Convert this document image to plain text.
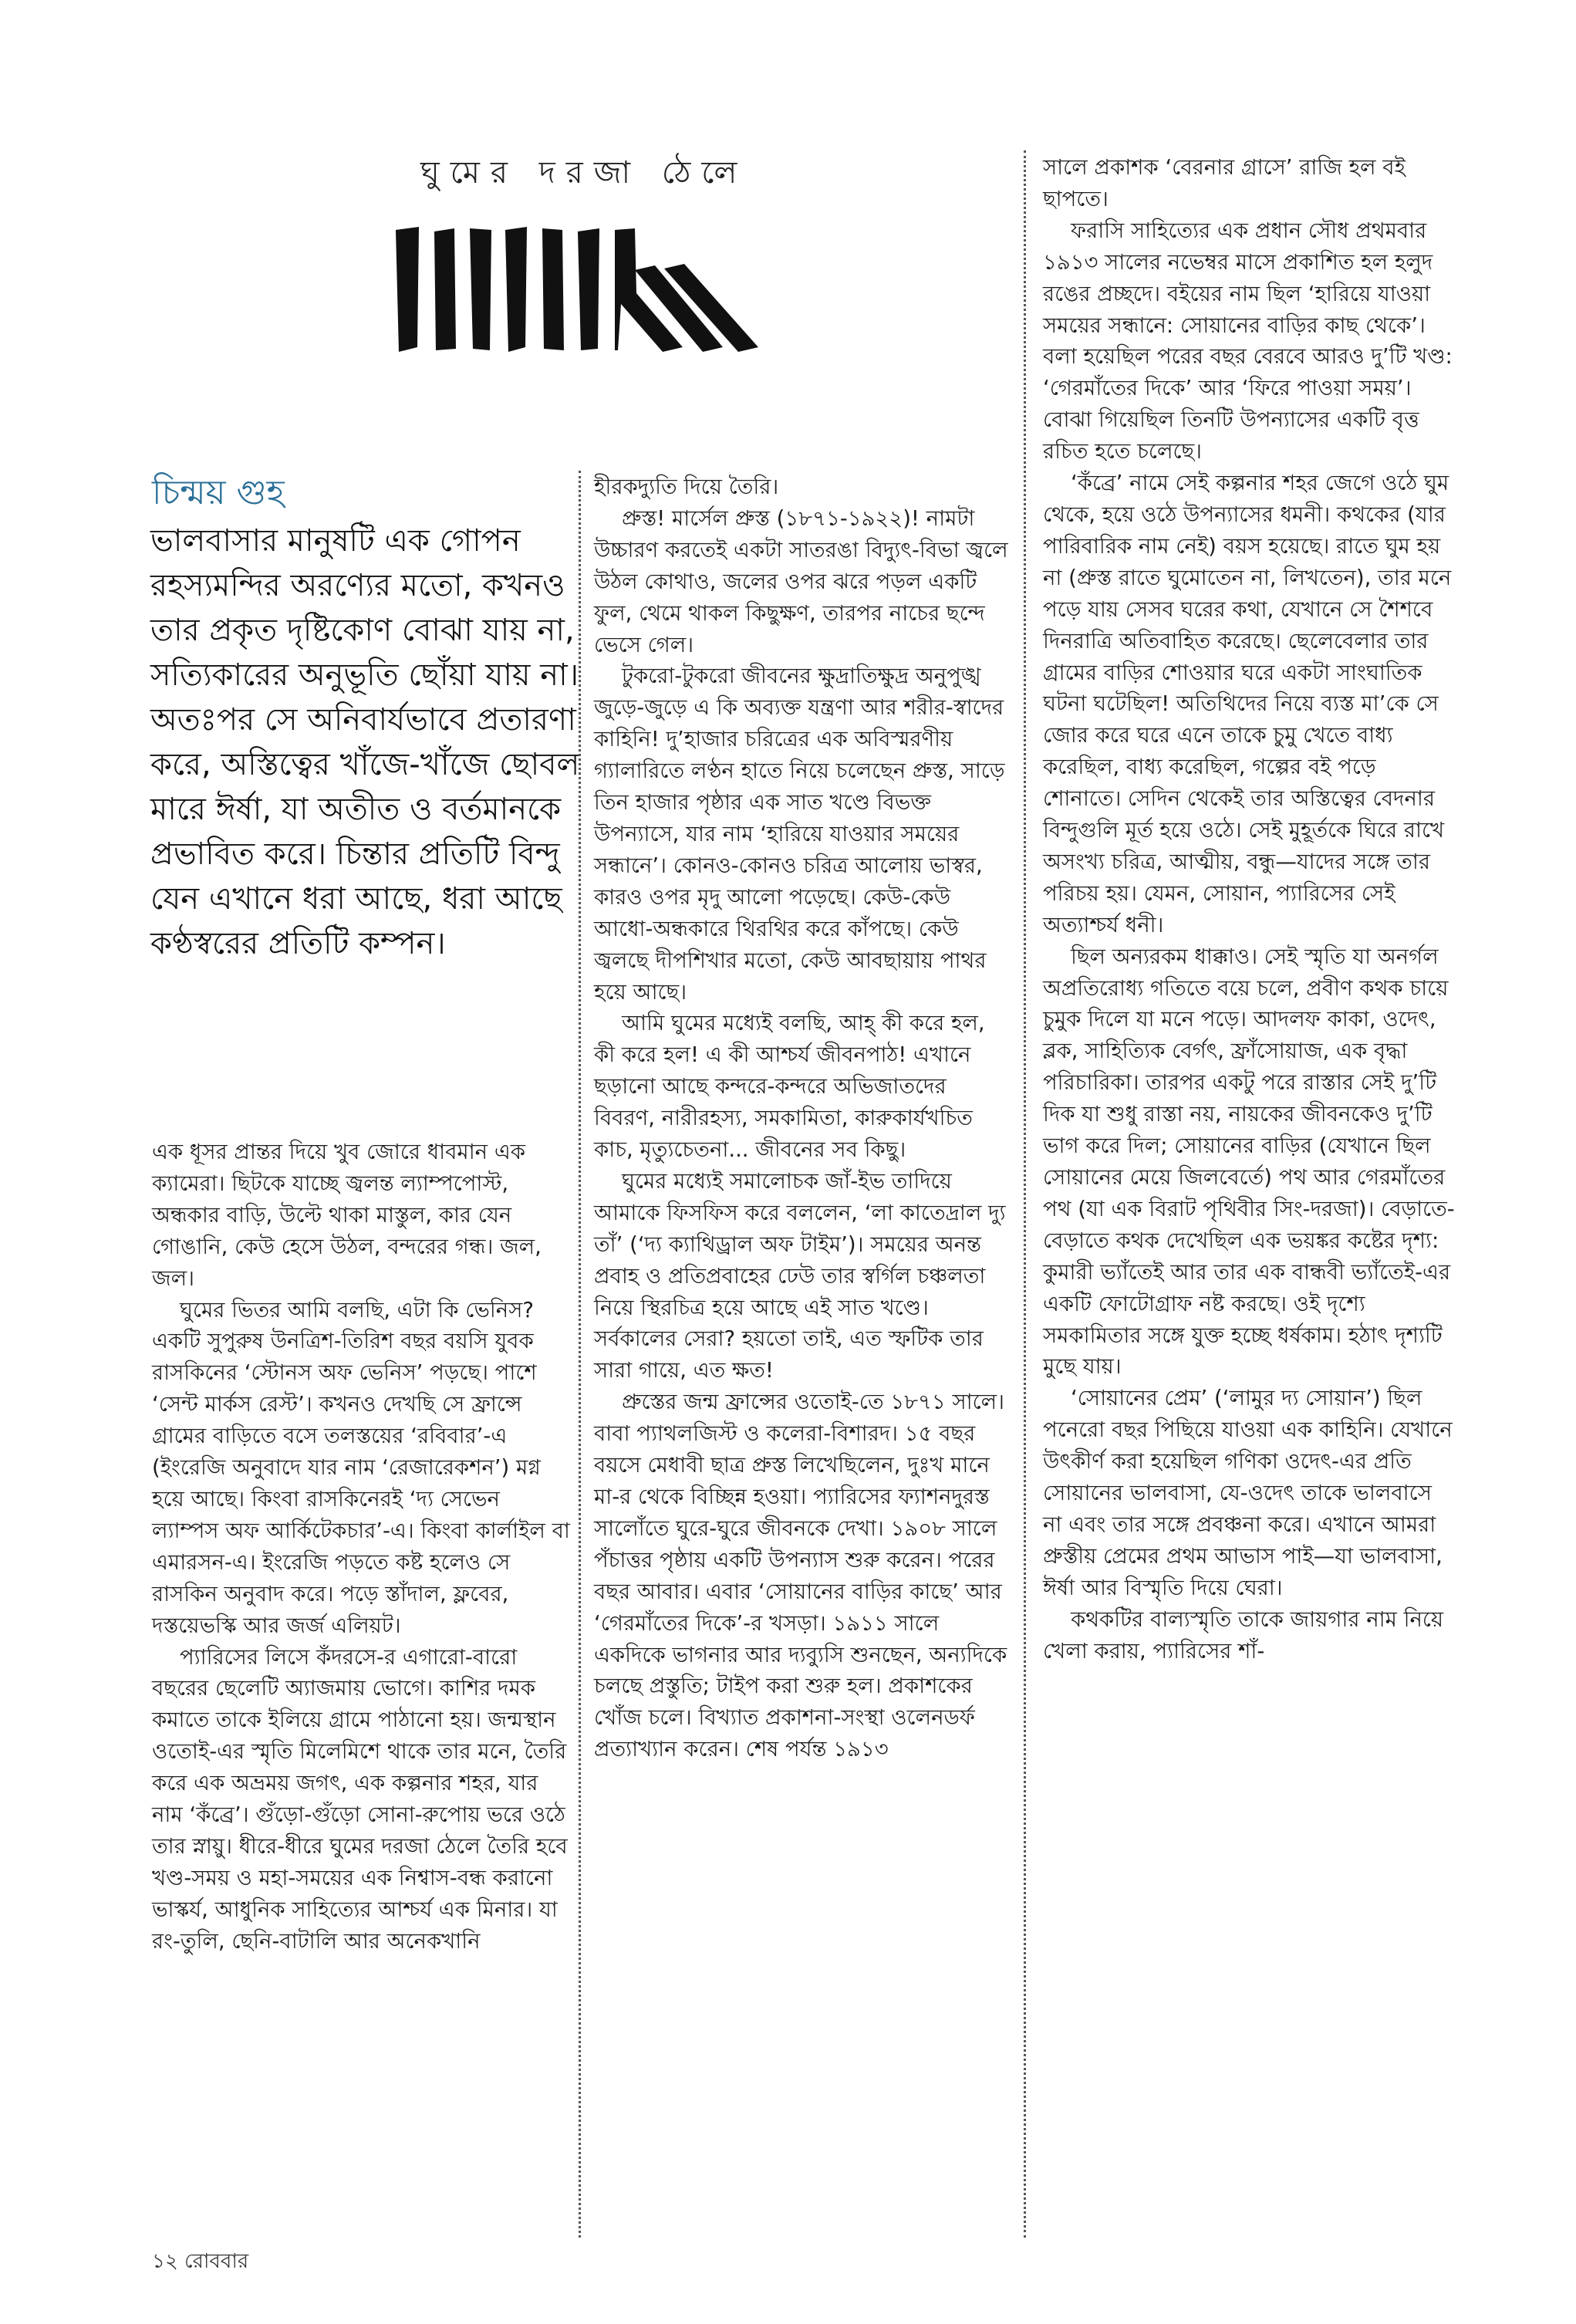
ঘুমের দরজা ঠেলে
চিন্ময় গুহ
ভালবাসার মানুষটি এক গোপন রহস্যমন্দির অরণ্যের মতো, কখনও তার প্রকৃত দৃষ্টিকোণ বোঝা যায় না, সত্যিকারের অনুভূতি ছোঁয়া যায় না। অতঃপর সে অনিবার্যভাবে প্রতারণা করে, অস্তিত্বের খাঁজে-খাঁজে ছোবল মারে ঈর্ষা, যা অতীত ও বর্তমানকে প্রভাবিত করে। চিন্তার প্রতিটি বিন্দু যেন এখানে ধরা আছে, ধরা আছে কণ্ঠস্বরের প্রতিটি কম্পন।

এক ধূসর প্রান্তর দিয়ে খুব জোরে ধাবমান এক ক্যামেরা। ছিটকে যাচ্ছে জ্বলন্ত ল্যাম্পপোস্ট, অন্ধকার বাড়ি, উল্টে থাকা মাস্তুল, কার যেন গোঙানি, কেউ হেসে উঠল, বন্দরের গন্ধ। জল, জল।

ঘুমের ভিতর আমি বলছি, এটা কি ভেনিস? একটি সুপুরুষ উনত্রিশ-তিরিশ বছর বয়সি যুবক রাসকিনের ‘স্টোনস অফ ভেনিস’ পড়ছে। পাশে ‘সেন্ট মার্কস রেস্ট’। কখনও দেখছি সে ফ্রান্সে গ্রামের বাড়িতে বসে তলস্তয়ের ‘রবিবার’-এ (ইংরেজি অনুবাদে যার নাম ‘রেজারেকশন’) মগ্ন হয়ে আছে। কিংবা রাসকিনেরই ‘দ্য সেভেন ল্যাম্পস অফ আর্কিটেকচার’-এ। কিংবা কার্লাইল বা এমারসন-এ। ইংরেজি পড়তে কষ্ট হলেও সে রাসকিন অনুবাদ করে। পড়ে স্তাঁদাল, ফ্লবের, দস্তয়েভস্কি আর জর্জ এলিয়ট।

প্যারিসের লিসে কঁদরসে-র এগারো-বারো বছরের ছেলেটি অ্যাজমায় ভোগে। কাশির দমক কমাতে তাকে ইলিয়ে গ্রামে পাঠানো হয়। জন্মস্থান ওতোই-এর স্মৃতি মিলেমিশে থাকে তার মনে, তৈরি করে এক অভ্রময় জগৎ, এক কল্পনার শহর, যার নাম ‘কঁব্রে’। গুঁড়ো-গুঁড়ো সোনা-রুপোয় ভরে ওঠে তার স্নায়ু। ধীরে-ধীরে ঘুমের দরজা ঠেলে তৈরি হবে খণ্ড-সময় ও মহা-সময়ের এক নিশ্বাস-বন্ধ করানো ভাস্কর্য, আধুনিক সাহিত্যের আশ্চর্য এক মিনার। যা রং-তুলি, ছেনি-বাটালি আর অনেকখানি

হীরকদ্যুতি দিয়ে তৈরি।

প্রুস্ত! মার্সেল প্রুস্ত (১৮৭১-১৯২২)! নামটা উচ্চারণ করতেই একটা সাতরঙা বিদ্যুৎ-বিভা জ্বলে উঠল কোথাও, জলের ওপর ঝরে পড়ল একটি ফুল, থেমে থাকল কিছুক্ষণ, তারপর নাচের ছন্দে ভেসে গেল।

টুকরো-টুকরো জীবনের ক্ষুদ্রাতিক্ষুদ্র অনুপুঙ্খ জুড়ে-জুড়ে এ কি অব্যক্ত যন্ত্রণা আর শরীর-স্বাদের কাহিনি! দু’হাজার চরিত্রের এক অবিস্মরণীয় গ্যালারিতে লণ্ঠন হাতে নিয়ে চলেছেন প্রুস্ত, সাড়ে তিন হাজার পৃষ্ঠার এক সাত খণ্ডে বিভক্ত উপন্যাসে, যার নাম ‘হারিয়ে যাওয়ার সময়ের সন্ধানে’। কোনও-কোনও চরিত্র আলোয় ভাস্বর, কারও ওপর মৃদু আলো পড়েছে। কেউ-কেউ আধো-অন্ধকারে থিরথির করে কাঁপছে। কেউ জ্বলছে দীপশিখার মতো, কেউ আবছায়ায় পাথর হয়ে আছে।

আমি ঘুমের মধ্যেই বলছি, আহ্‌ কী করে হল, কী করে হল! এ কী আশ্চর্য জীবনপাঠ! এখানে ছড়ানো আছে কন্দরে-কন্দরে অভিজাতদের বিবরণ, নারীরহস্য, সমকামিতা, কারুকার্যখচিত কাচ, মৃত্যুচেতনা... জীবনের সব কিছু।

ঘুমের মধ্যেই সমালোচক জাঁ-ইভ তাদিয়ে আমাকে ফিসফিস করে বললেন, ‘লা কাতেদ্রাল দ্যু তাঁ’ (‘দ্য ক্যাথিড্রাল অফ টাইম’)। সময়ের অনন্ত প্রবাহ ও প্রতিপ্রবাহের ঢেউ তার স্বর্গিল চঞ্চলতা নিয়ে স্থিরচিত্র হয়ে আছে এই সাত খণ্ডে। সর্বকালের সেরা? হয়তো তাই, এত স্ফটিক তার সারা গায়ে, এত ক্ষত!

প্রুস্তের জন্ম ফ্রান্সের ওতোই-তে ১৮৭১ সালে। বাবা প্যাথলজিস্ট ও কলেরা-বিশারদ। ১৫ বছর বয়সে মেধাবী ছাত্র প্রুস্ত লিখেছিলেন, দুঃখ মানে মা-র থেকে বিচ্ছিন্ন হওয়া। প্যারিসের ফ্যাশনদুরস্ত সালোঁতে ঘুরে-ঘুরে জীবনকে দেখা। ১৯০৮ সালে পঁচাত্তর পৃষ্ঠায় একটি উপন্যাস শুরু করেন। পরের বছর আবার। এবার ‘সোয়ানের বাড়ির কাছে’ আর ‘গেরমাঁতের দিকে’-র খসড়া। ১৯১১ সালে একদিকে ভাগনার আর দ্যব্যুসি শুনছেন, অন্যদিকে চলছে প্রস্তুতি; টাইপ করা শুরু হল। প্রকাশকের খোঁজ চলে। বিখ্যাত প্রকাশনা-সংস্থা ওলেনডর্ফ প্রত্যাখ্যান করেন। শেষ পর্যন্ত ১৯১৩

সালে প্রকাশক ‘বেরনার গ্রাসে’ রাজি হল বই ছাপতে।

ফরাসি সাহিত্যের এক প্রধান সৌধ প্রথমবার ১৯১৩ সালের নভেম্বর মাসে প্রকাশিত হল হলুদ রঙের প্রচ্ছদে। বইয়ের নাম ছিল ‘হারিয়ে যাওয়া সময়ের সন্ধানে: সোয়ানের বাড়ির কাছ থেকে’। বলা হয়েছিল পরের বছর বেরবে আরও দু’টি খণ্ড: ‘গেরমাঁতের দিকে’ আর ‘ফিরে পাওয়া সময়’। বোঝা গিয়েছিল তিনটি উপন্যাসের একটি বৃত্ত রচিত হতে চলেছে।

‘কঁব্রে’ নামে সেই কল্পনার শহর জেগে ওঠে ঘুম থেকে, হয়ে ওঠে উপন্যাসের ধমনী। কথকের (যার পারিবারিক নাম নেই) বয়স হয়েছে। রাতে ঘুম হয় না (প্রুস্ত রাতে ঘুমোতেন না, লিখতেন), তার মনে পড়ে যায় সেসব ঘরের কথা, যেখানে সে শৈশবে দিনরাত্রি অতিবাহিত করেছে। ছেলেবেলার তার গ্রামের বাড়ির শোওয়ার ঘরে একটা সাংঘাতিক ঘটনা ঘটেছিল! অতিথিদের নিয়ে ব্যস্ত মা’কে সে জোর করে ঘরে এনে তাকে চুমু খেতে বাধ্য করেছিল, বাধ্য করেছিল, গল্পের বই পড়ে শোনাতে। সেদিন থেকেই তার অস্তিত্বের বেদনার বিন্দুগুলি মূর্ত হয়ে ওঠে। সেই মুহূর্তকে ঘিরে রাখে অসংখ্য চরিত্র, আত্মীয়, বন্ধু—যাদের সঙ্গে তার পরিচয় হয়। যেমন, সোয়ান, প্যারিসের সেই অত্যাশ্চর্য ধনী।

ছিল অন্যরকম ধাক্কাও। সেই স্মৃতি যা অনর্গল অপ্রতিরোধ্য গতিতে বয়ে চলে, প্রবীণ কথক চায়ে চুমুক দিলে যা মনে পড়ে। আদলফ কাকা, ওদেৎ, ব্লক, সাহিত্যিক বের্গৎ, ফ্রাঁসোয়াজ, এক বৃদ্ধা পরিচারিকা। তারপর একটু পরে রাস্তার সেই দু’টি দিক যা শুধু রাস্তা নয়, নায়কের জীবনকেও দু’টি ভাগ করে দিল; সোয়ানের বাড়ির (যেখানে ছিল সোয়ানের মেয়ে জিলবের্তে) পথ আর গেরমাঁতের পথ (যা এক বিরাট পৃথিবীর সিং-দরজা)। বেড়াতে-বেড়াতে কথক দেখেছিল এক ভয়ঙ্কর কষ্টের দৃশ্য: কুমারী ভ্যাঁতেই আর তার এক বান্ধবী ভ্যাঁতেই-এর একটি ফোটোগ্রাফ নষ্ট করছে। ওই দৃশ্যে সমকামিতার সঙ্গে যুক্ত হচ্ছে ধর্ষকাম। হঠাৎ দৃশ্যটি মুছে যায়।

‘সোয়ানের প্রেম’ (‘লামুর দ্য সোয়ান’) ছিল পনেরো বছর পিছিয়ে যাওয়া এক কাহিনি। যেখানে উৎকীর্ণ করা হয়েছিল গণিকা ওদেৎ-এর প্রতি সোয়ানের ভালবাসা, যে-ওদেৎ তাকে ভালবাসে না এবং তার সঙ্গে প্রবঞ্চনা করে। এখানে আমরা প্রুস্তীয় প্রেমের প্রথম আভাস পাই—যা ভালবাসা, ঈর্ষা আর বিস্মৃতি দিয়ে ঘেরা।

কথকটির বাল্যস্মৃতি তাকে জায়গার নাম নিয়ে খেলা করায়, প্যারিসের শাঁ-

১২ রোববার
